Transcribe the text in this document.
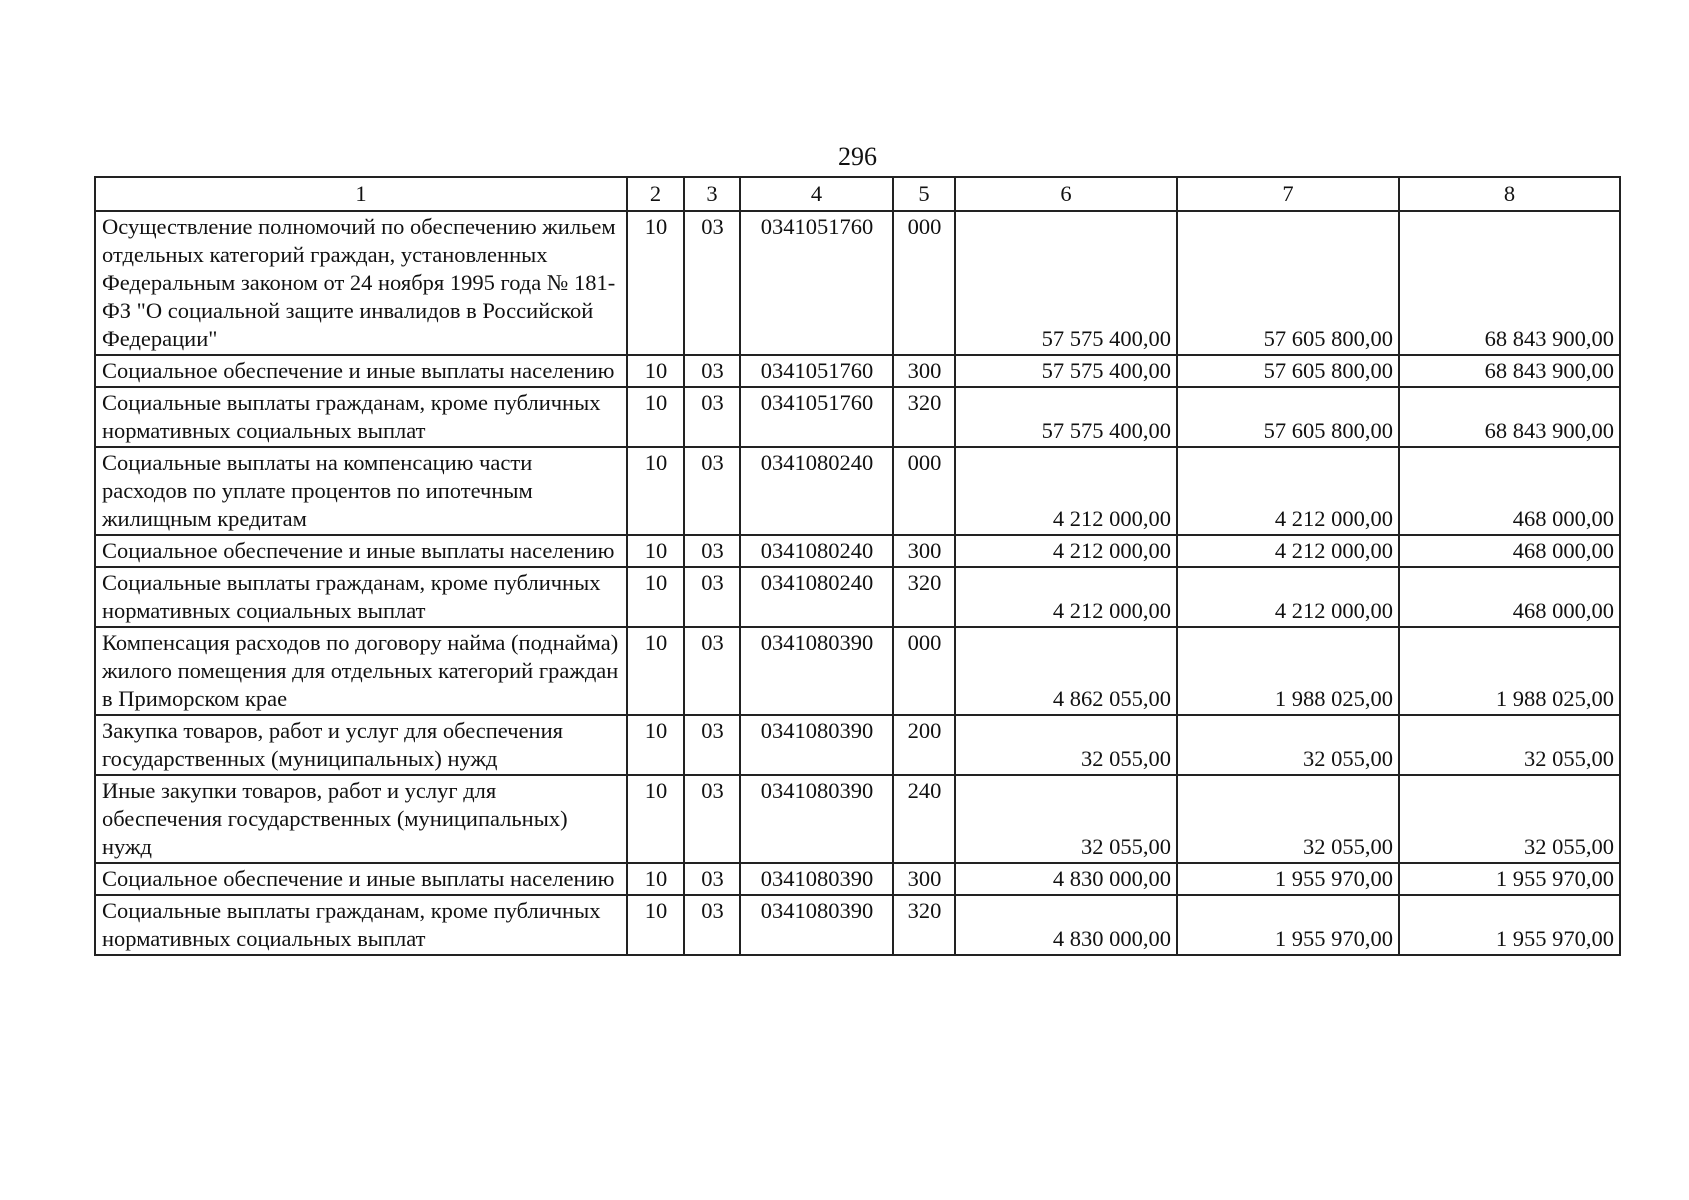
296
1	2	3	4	5	6	7	8
Осуществление полномочий по обеспечению жильем отдельных категорий граждан, установленных Федеральным законом от 24 ноября 1995 года № 181-ФЗ "О социальной защите инвалидов в Российской Федерации"	10	03	0341051760	000	57 575 400,00	57 605 800,00	68 843 900,00
Социальное обеспечение и иные выплаты населению	10	03	0341051760	300	57 575 400,00	57 605 800,00	68 843 900,00
Социальные выплаты гражданам, кроме публичных нормативных социальных выплат	10	03	0341051760	320	57 575 400,00	57 605 800,00	68 843 900,00
Социальные выплаты на компенсацию части расходов по уплате процентов по ипотечным жилищным кредитам	10	03	0341080240	000	4 212 000,00	4 212 000,00	468 000,00
Социальное обеспечение и иные выплаты населению	10	03	0341080240	300	4 212 000,00	4 212 000,00	468 000,00
Социальные выплаты гражданам, кроме публичных нормативных социальных выплат	10	03	0341080240	320	4 212 000,00	4 212 000,00	468 000,00
Компенсация расходов по договору найма (поднайма) жилого помещения для отдельных категорий граждан в Приморском крае	10	03	0341080390	000	4 862 055,00	1 988 025,00	1 988 025,00
Закупка товаров, работ и услуг для обеспечения государственных (муниципальных) нужд	10	03	0341080390	200	32 055,00	32 055,00	32 055,00
Иные закупки товаров, работ и услуг для обеспечения государственных (муниципальных) нужд	10	03	0341080390	240	32 055,00	32 055,00	32 055,00
Социальное обеспечение и иные выплаты населению	10	03	0341080390	300	4 830 000,00	1 955 970,00	1 955 970,00
Социальные выплаты гражданам, кроме публичных нормативных социальных выплат	10	03	0341080390	320	4 830 000,00	1 955 970,00	1 955 970,00
